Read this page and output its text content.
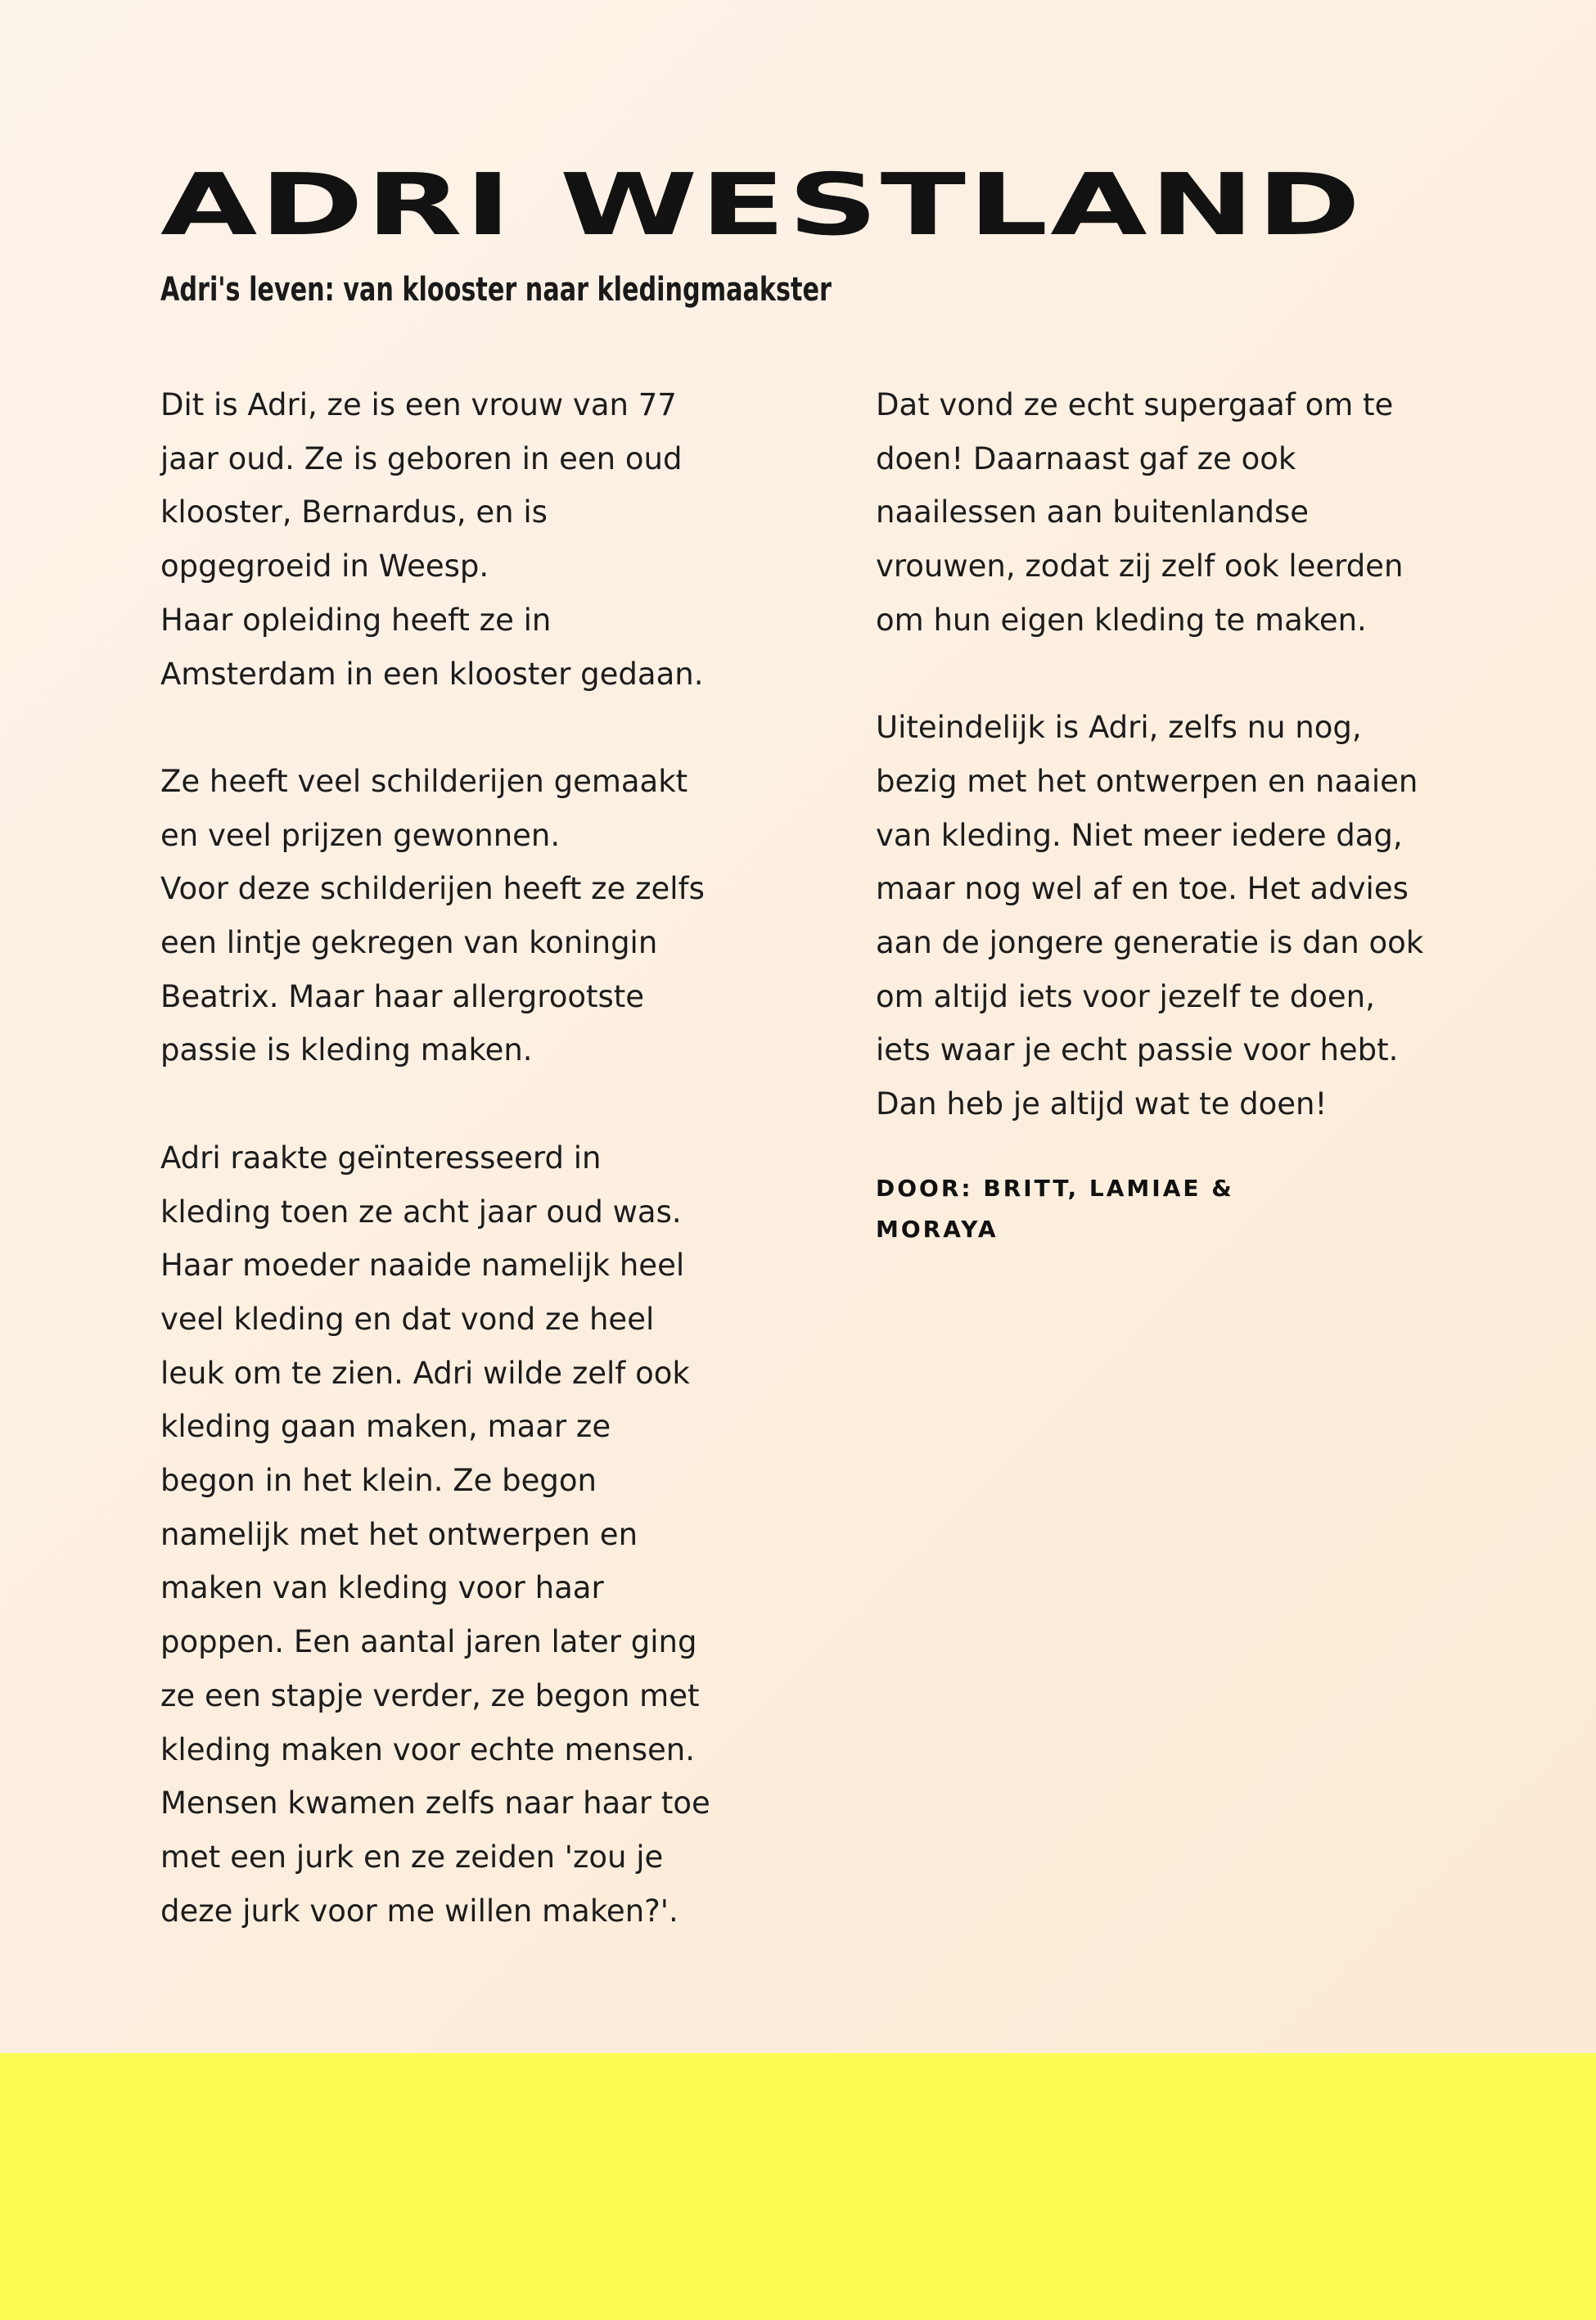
ADRI WESTLAND
Adri's leven: van klooster naar kledingmaakster

Dit is Adri, ze is een vrouw van 77
jaar oud. Ze is geboren in een oud
klooster, Bernardus, en is
opgegroeid in Weesp.
Haar opleiding heeft ze in
Amsterdam in een klooster gedaan.

Ze heeft veel schilderijen gemaakt
en veel prijzen gewonnen.
Voor deze schilderijen heeft ze zelfs
een lintje gekregen van koningin
Beatrix. Maar haar allergrootste
passie is kleding maken.

Adri raakte geïnteresseerd in
kleding toen ze acht jaar oud was.
Haar moeder naaide namelijk heel
veel kleding en dat vond ze heel
leuk om te zien. Adri wilde zelf ook
kleding gaan maken, maar ze
begon in het klein. Ze begon
namelijk met het ontwerpen en
maken van kleding voor haar
poppen. Een aantal jaren later ging
ze een stapje verder, ze begon met
kleding maken voor echte mensen.
Mensen kwamen zelfs naar haar toe
met een jurk en ze zeiden 'zou je
deze jurk voor me willen maken?'.

Dat vond ze echt supergaaf om te
doen! Daarnaast gaf ze ook
naailessen aan buitenlandse
vrouwen, zodat zij zelf ook leerden
om hun eigen kleding te maken.

Uiteindelijk is Adri, zelfs nu nog,
bezig met het ontwerpen en naaien
van kleding. Niet meer iedere dag,
maar nog wel af en toe. Het advies
aan de jongere generatie is dan ook
om altijd iets voor jezelf te doen,
iets waar je echt passie voor hebt.
Dan heb je altijd wat te doen!

DOOR: BRITT, LAMIAE &
MORAYA
